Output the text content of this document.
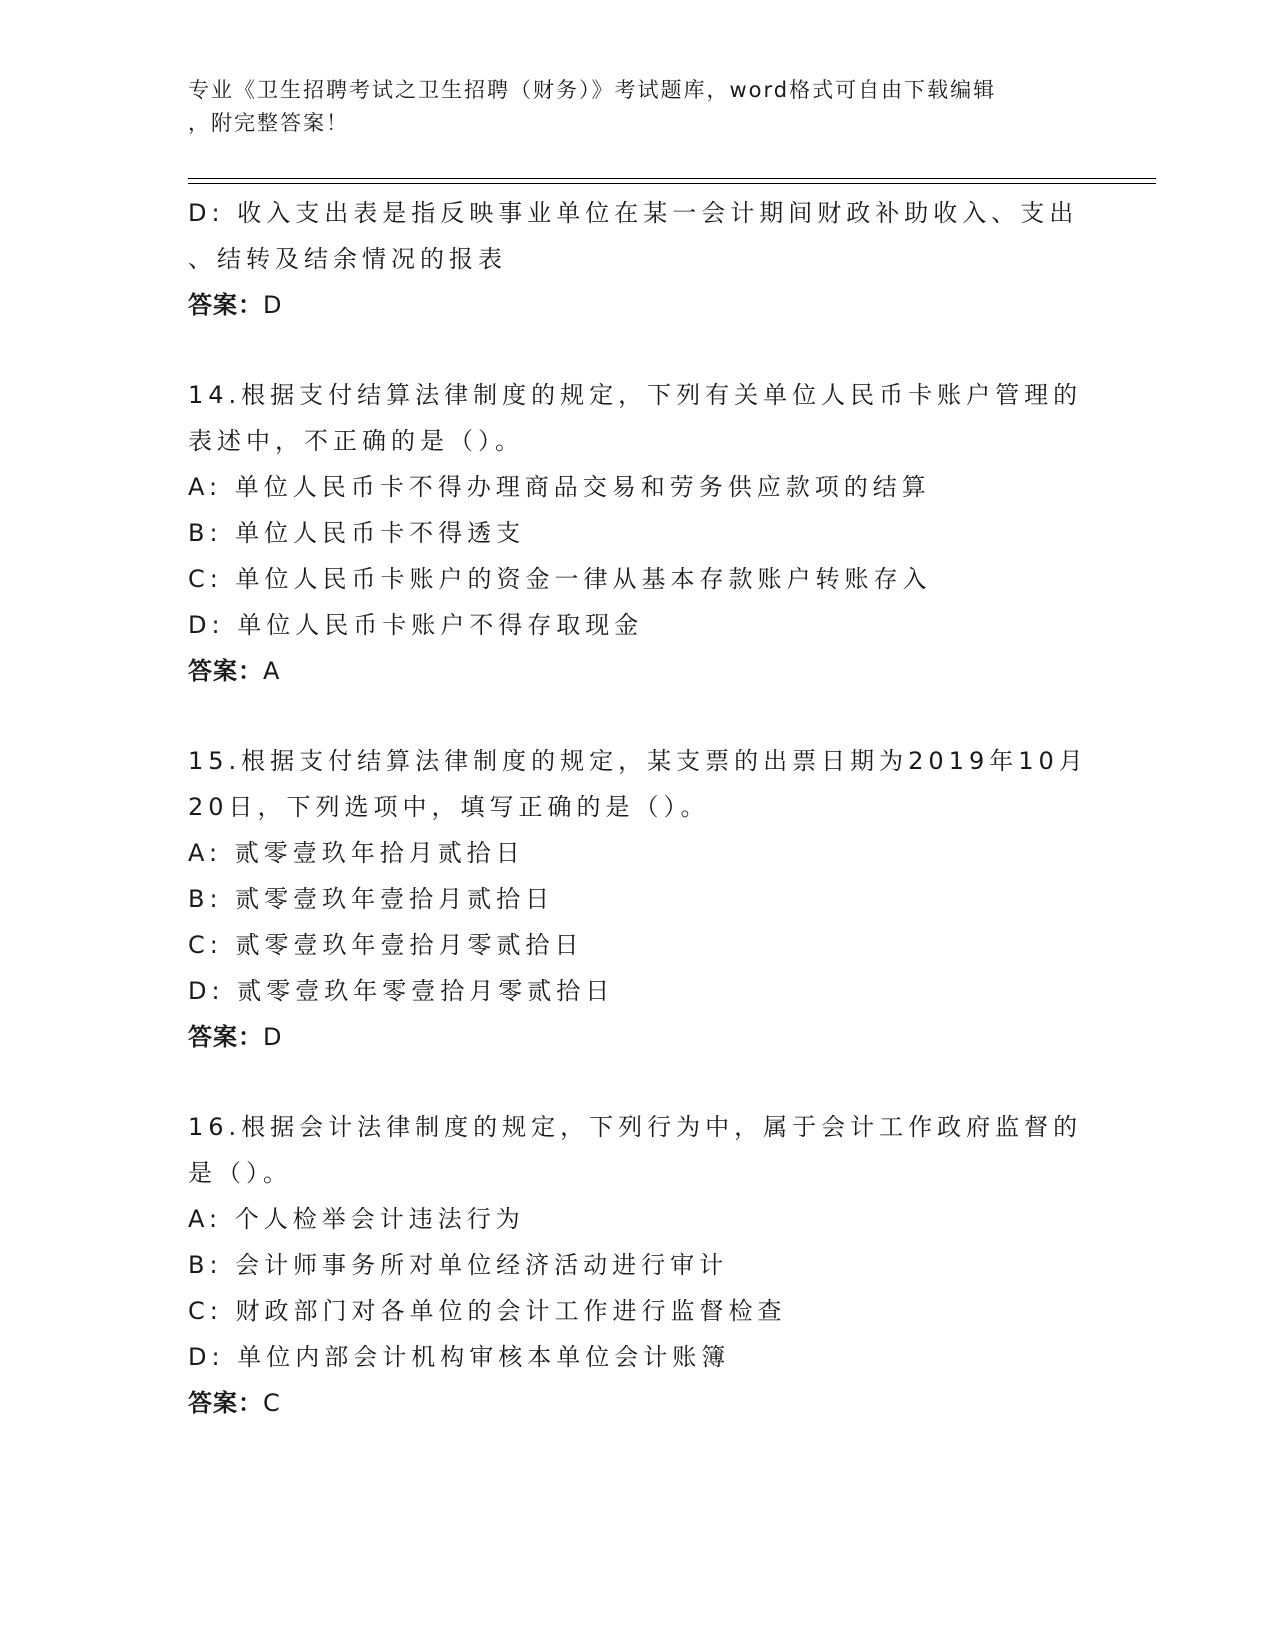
专业《卫生招聘考试之卫生招聘（财务）》考试题库，word格式可自由下载编辑
，附完整答案！
D: 收入支出表是指反映事业单位在某一会计期间财政补助收入、支出
、结转及结余情况的报表
答案：D
14.根据支付结算法律制度的规定，下列有关单位人民币卡账户管理的
表述中，不正确的是（）。
A: 单位人民币卡不得办理商品交易和劳务供应款项的结算
B: 单位人民币卡不得透支
C: 单位人民币卡账户的资金一律从基本存款账户转账存入
D: 单位人民币卡账户不得存取现金
答案：A
15.根据支付结算法律制度的规定，某支票的出票日期为2019年10月
20日，下列选项中，填写正确的是（）。
A: 贰零壹玖年拾月贰拾日
B: 贰零壹玖年壹拾月贰拾日
C: 贰零壹玖年壹拾月零贰拾日
D: 贰零壹玖年零壹拾月零贰拾日
答案：D
16.根据会计法律制度的规定，下列行为中，属于会计工作政府监督的
是（）。
A: 个人检举会计违法行为
B: 会计师事务所对单位经济活动进行审计
C: 财政部门对各单位的会计工作进行监督检查
D: 单位内部会计机构审核本单位会计账簿
答案：C
